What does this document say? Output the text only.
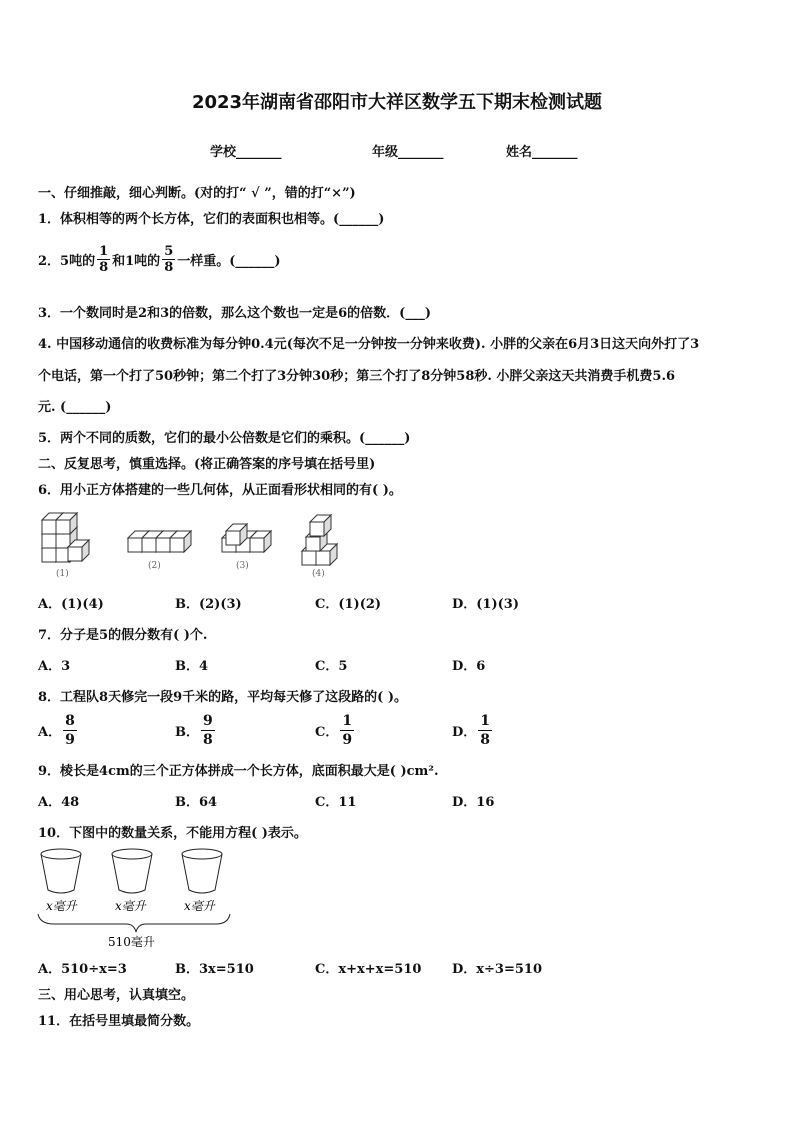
2023年湖南省邵阳市大祥区数学五下期末检测试题
学校_______	年级_______	姓名_______
一、仔细推敲，细心判断。(对的打“ √ ”，错的打“×”)
1．体积相等的两个长方体，它们的表面积也相等。(______)
2．5吨的 $\frac{1}{8}$ 和1吨的 $\frac{5}{8}$ 一样重。(______)
3．一个数同时是2和3的倍数，那么这个数也一定是6的倍数．(___)
4. 中国移动通信的收费标准为每分钟0.4元(每次不足一分钟按一分钟来收费). 小胖的父亲在6月3日这天向外打了3
个电话，第一个打了50秒钟；第二个打了3分钟30秒；第三个打了8分钟58秒. 小胖父亲这天共消费手机费5.6
元. (______)
5．两个不同的质数，它们的最小公倍数是它们的乘积。(______)
二、反复思考，慎重选择。(将正确答案的序号填在括号里)
6．用小正方体搭建的一些几何体，从正面看形状相同的有( )。
(1)
(2)	(3)
(4)
A．(1)(4)	B．(2)(3)	C．(1)(2)	D．(1)(3)
7．分子是5的假分数有( )个.
A．3	B．4	C．5	D．6
8．工程队8天修完一段9千米的路，平均每天修了这段路的( )。
A． $\frac{8}{9}$	B． $\frac{9}{8}$	C． $\frac{1}{9}$	D． $\frac{1}{8}$
9．棱长是4cm的三个正方体拼成一个长方体，底面积最大是( )cm².
A．48	B．64	C．11	D．16
10．下图中的数量关系，不能用方程( )表示。
x毫升	x毫升	x毫升
510毫升
A．510÷x=3	B．3x=510	C．x+x+x=510 D．x÷3=510
三、用心思考，认真填空。
11．在括号里填最简分数。
